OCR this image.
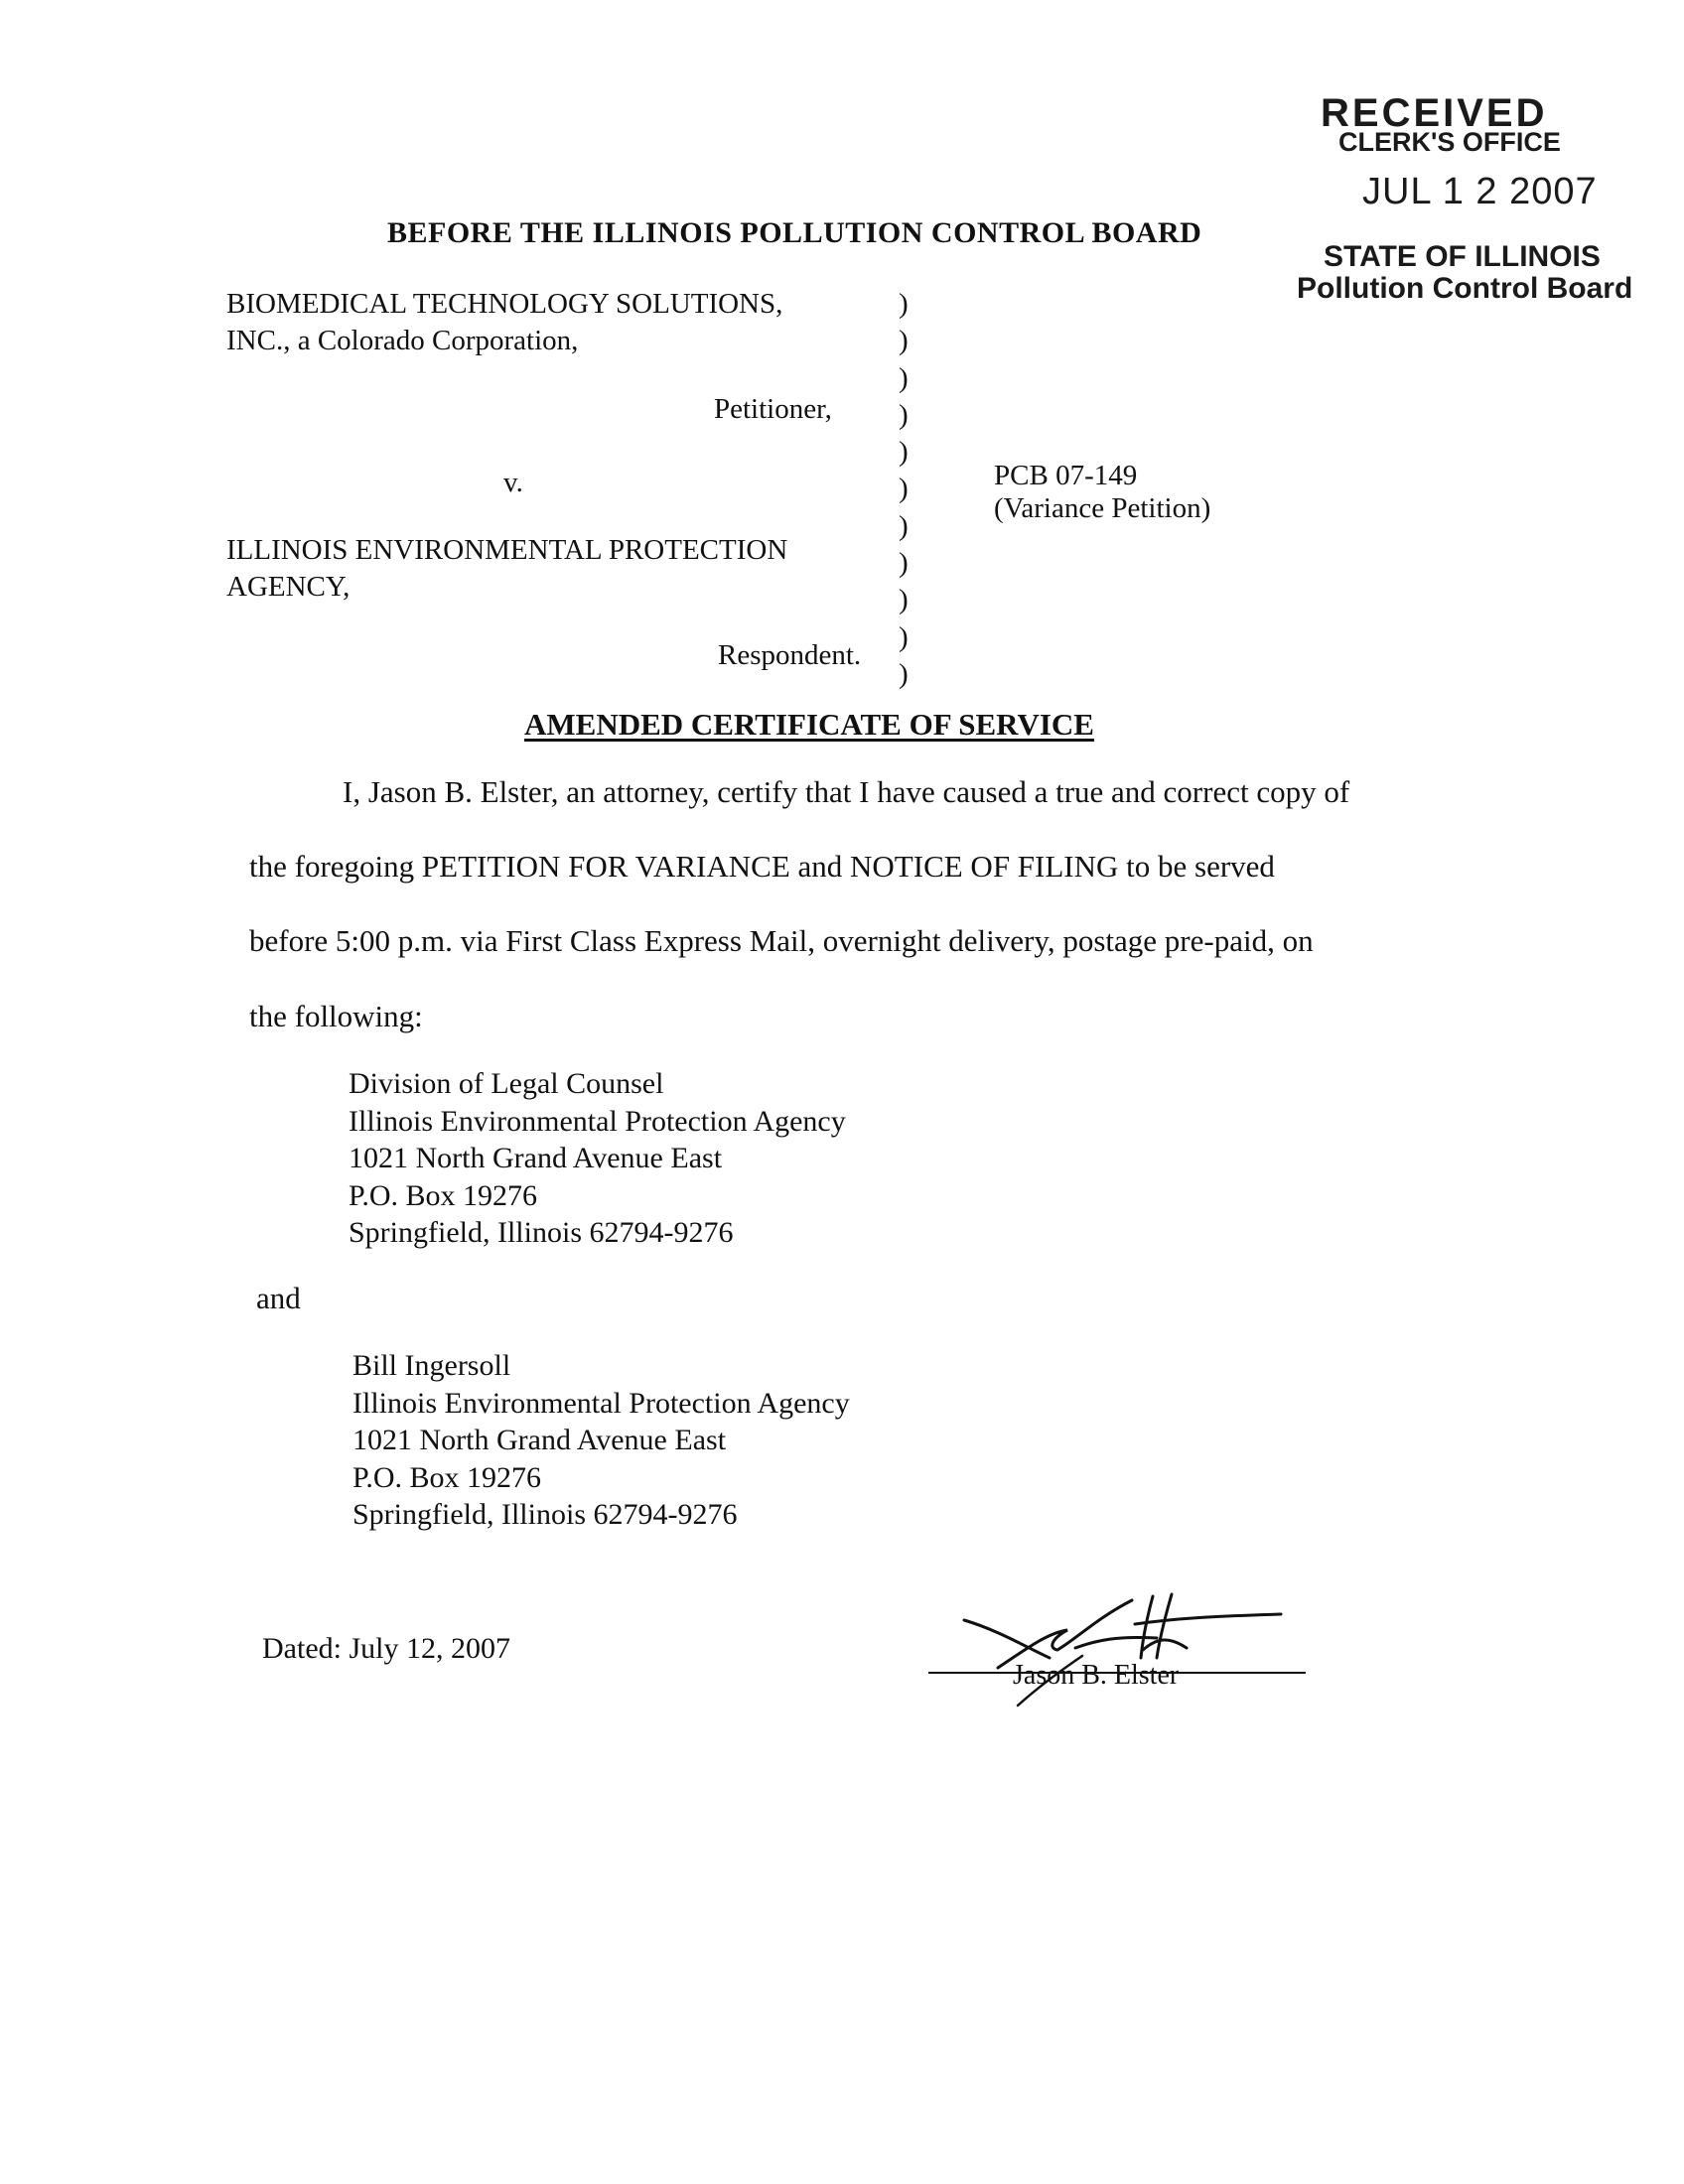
RECEIVED
CLERK'S OFFICE
JUL 1 2 2007
STATE OF ILLINOIS
Pollution Control Board
BEFORE THE ILLINOIS POLLUTION CONTROL BOARD
BIOMEDICAL TECHNOLOGY SOLUTIONS,
INC., a Colorado Corporation,
Petitioner,
v.
ILLINOIS ENVIRONMENTAL PROTECTION
AGENCY,
Respondent.
PCB 07-149
(Variance Petition)
)
)
)
)
)
)
)
)
)
)
)
AMENDED CERTIFICATE OF SERVICE
I, Jason B. Elster, an attorney, certify that I have caused a true and correct copy of
the foregoing PETITION FOR VARIANCE and NOTICE OF FILING to be served
before 5:00 p.m. via First Class Express Mail, overnight delivery, postage pre-paid, on
the following:
Division of Legal Counsel
Illinois Environmental Protection Agency
1021 North Grand Avenue East
P.O. Box 19276
Springfield, Illinois 62794-9276
and
Bill Ingersoll
Illinois Environmental Protection Agency
1021 North Grand Avenue East
P.O. Box 19276
Springfield, Illinois 62794-9276
Dated: July 12, 2007
Jason B. Elster
